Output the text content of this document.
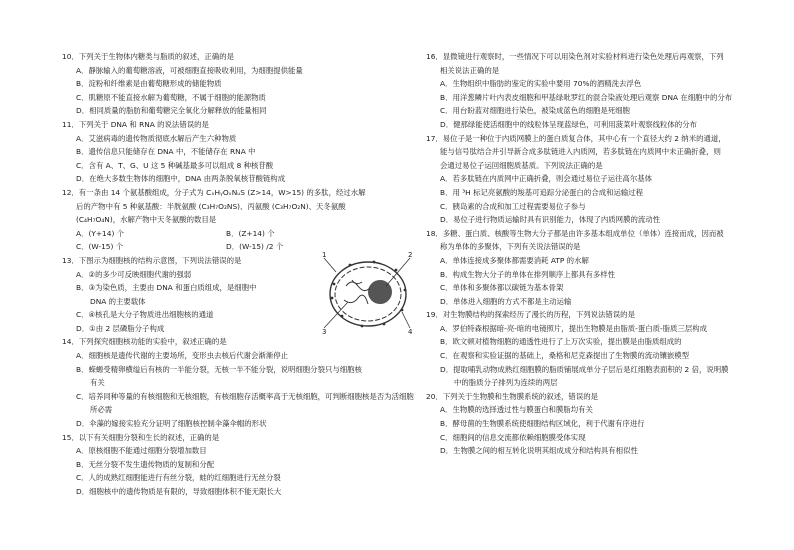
10．下列关于生物体内糖类与脂质的叙述，正确的是
A．静脉输入的葡萄糖溶液，可被细胞直接吸收利用，为细胞提供能量
B．淀粉和纤维素是由葡萄糖形成的储能物质
C．肌糖原不能直接水解为葡萄糖，不属于细胞的能源物质
D．相同质量的脂肪和葡萄糖完全氧化分解释放的能量相同
11．下列关于 DNA 和 RNA 的说法错误的是
A．艾滋病毒的遗传物质彻底水解后产生六种物质
B．遗传信息只能储存在 DNA 中，不能储存在 RNA 中
C．含有 A、T、G、U 这 5 种碱基最多可以组成 8 种核苷酸
D．在绝大多数生物体的细胞中，DNA 由两条脱氧核苷酸链构成
12．有一条由 14 个氨基酸组成，分子式为 CₓHᵧOᵥNᵤS (Z>14，W>15) 的多肽，经过水解
后的产物中有 5 种氨基酸：半胱氨酸 (C₃H₇O₂NS)、丙氨酸 (C₃H₇O₂N)、天冬氨酸
(C₄H₇O₄N)，水解产物中天冬氨酸的数目是
A．(Y+14) 个	B．(Z+14) 个
C．(W-15) 个	D．(W-15) /2 个
13．下图示为细胞核的结构示意图，下列说法错误的是
A．②的多少可反映细胞代谢的强弱
B．③为染色质，主要由 DNA 和蛋白质组成，是细胞中
DNA 的主要载体
C．④核孔是大分子物质进出细胞核的通道
D．①由 2 层磷脂分子构成
1	2
3	4
14．下列探究细胞核功能的实验中，叙述正确的是
A．细胞核是遗传代谢的主要场所，变形虫去核后代谢会渐渐停止
B．蝾螈受精卵横缢后有核的一半能分裂，无核一半不能分裂，说明细胞分裂只与细胞核
有关
C．培养同种等量的有核细胞和无核细胞，有核细胞存活概率高于无核细胞，可判断细胞核是否为活细胞
所必需
D．伞藻的嫁接实验充分证明了细胞核控制伞藻伞帽的形状
15．以下有关细胞分裂和生长的叙述，正确的是
A．原核细胞不能通过细胞分裂增加数目
B．无丝分裂不发生遗传物质的复制和分配
C．人的成熟红细胞能进行有丝分裂，蛙的红细胞进行无丝分裂
D．细胞核中的遗传物质是有限的，导致细胞体积不能无限长大
16．显微镜进行观察时，一些情况下可以用染色剂对实验材料进行染色处理后再观察，下列
相关说法正确的是
A．生物组织中脂肪的鉴定的实验中要用 70%的酒精洗去浮色
B．用洋葱鳞片叶内表皮细胞和甲基绿吡罗红的混合染液处理后观察 DNA 在细胞中的分布
C．用台盼蓝对细胞进行染色，被染成蓝色的细胞是死细胞
D．健那绿能使活细胞中的线粒体呈现蓝绿色，可利用菠菜叶观察线粒体的分布
17．易位子是一种位于内质网膜上的蛋白质复合体，其中心有一个直径大约 2 纳米的通道，
能与信号肽结合并引导新合成多肽链进入内质网，若多肽链在内质网中未正确折叠，则
会通过易位子运回细胞质基质。下列说法正确的是
A．若多肽链在内质网中正确折叠，则会通过易位子运往高尔基体
B．用 ³H 标记亮氨酸的羧基可追踪分泌蛋白的合成和运输过程
C．胰岛素的合成和加工过程需要易位子参与
D．易位子进行物质运输时具有识别能力，体现了内质网膜的流动性
18．多糖、蛋白质、核酸等生物大分子都是由许多基本组成单位（单体）连接而成，因而被
称为单体的多聚体，下列有关说法错误的是
A．单体连接成多聚体都需要消耗 ATP 的水解
B．构成生物大分子的单体在排列顺序上都具有多样性
C．单体和多聚体都以碳链为基本骨架
D．单体进入细胞的方式不都是主动运输
19．对生物膜结构的探索经历了漫长的历程，下列说法错误的是
A．罗伯特森根据暗-亮-暗的电镜照片，提出生物膜是由脂质-蛋白质-脂质三层构成
B．欧文顿对植物细胞的通透性进行了上万次实验，提出膜是由脂质组成的
C．在观察和实验证据的基础上，桑格和尼克森提出了生物膜的流动镶嵌模型
D．提取哺乳动物成熟红细胞膜的脂质铺展成单分子层后是红细胞表面积的 2 倍，说明膜
中的脂质分子排列为连续的两层
20．下列关于生物膜和生物膜系统的叙述，错误的是
A．生物膜的选择透过性与膜蛋白和膜脂均有关
B．酵母菌的生物膜系统使细胞结构区域化，利于代谢有序进行
C．细胞间的信息交流都依赖细胞膜受体实现
D．生物膜之间的相互转化说明其组成成分和结构具有相似性
